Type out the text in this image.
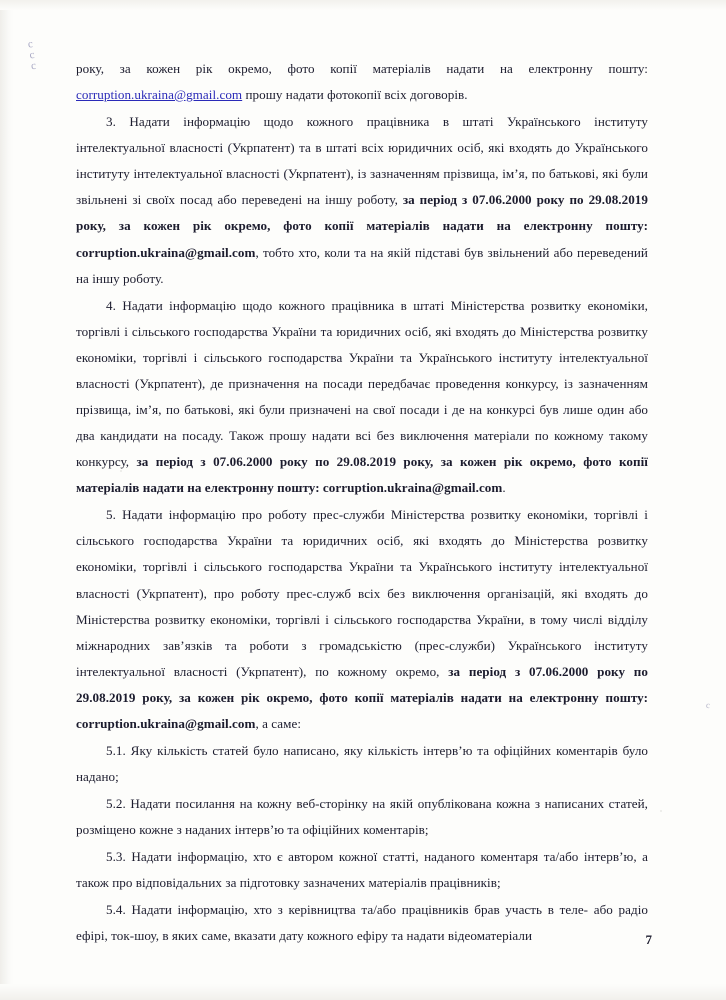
с
с
с
с

року, за кожен рік окремо, фото копії матеріалів надати на електронну пошту: corruption.ukraina@gmail.com прошу надати фотокопії всіх договорів.

3. Надати інформацію щодо кожного працівника в штаті Українського інституту інтелектуальної власності (Укрпатент) та в штаті всіх юридичних осіб, які входять до Українського інституту інтелектуальної власності (Укрпатент), із зазначенням прізвища, ім’я, по батькові, які були звільнені зі своїх посад або переведені на іншу роботу, за період з 07.06.2000 року по 29.08.2019 року, за кожен рік окремо, фото копії матеріалів надати на електронну пошту: corruption.ukraina@gmail.com, тобто хто, коли та на якій підставі був звільнений або переведений на іншу роботу.

4. Надати інформацію щодо кожного працівника в штаті Міністерства розвитку економіки, торгівлі і сільського господарства України та юридичних осіб, які входять до Міністерства розвитку економіки, торгівлі і сільського господарства України та Українського інституту інтелектуальної власності (Укрпатент), де призначення на посади передбачає проведення конкурсу, із зазначенням прізвища, ім’я, по батькові, які були призначені на свої посади і де на конкурсі був лише один або два кандидати на посаду. Також прошу надати всі без виключення матеріали по кожному такому конкурсу, за період з 07.06.2000 року по 29.08.2019 року, за кожен рік окремо, фото копії матеріалів надати на електронну пошту: corruption.ukraina@gmail.com.

5. Надати інформацію про роботу прес-служби Міністерства розвитку економіки, торгівлі і сільського господарства України та юридичних осіб, які входять до Міністерства розвитку економіки, торгівлі і сільського господарства України та Українського інституту інтелектуальної власності (Укрпатент), про роботу прес-служб всіх без виключення організацій, які входять до Міністерства розвитку економіки, торгівлі і сільського господарства України, в тому числі відділу міжнародних зав’язків та роботи з громадськістю (прес-служби) Українського інституту інтелектуальної власності (Укрпатент), по кожному окремо, за період з 07.06.2000 року по 29.08.2019 року, за кожен рік окремо, фото копії матеріалів надати на електронну пошту: corruption.ukraina@gmail.com, а саме:

5.1. Яку кількість статей було написано, яку кількість інтерв’ю та офіційних коментарів було надано;

5.2. Надати посилання на кожну веб-сторінку на якій опублікована кожна з написаних статей, розміщено кожне з наданих інтерв’ю та офіційних коментарів;

5.3. Надати інформацію, хто є автором кожної статті, наданого коментаря та/або інтерв’ю, а також про відповідальних за підготовку зазначених матеріалів працівників;

5.4. Надати інформацію, хто з керівництва та/або працівників брав участь в теле- або радіо ефірі, ток-шоу, в яких саме, вказати дату кожного ефіру та надати відеоматеріали	7
